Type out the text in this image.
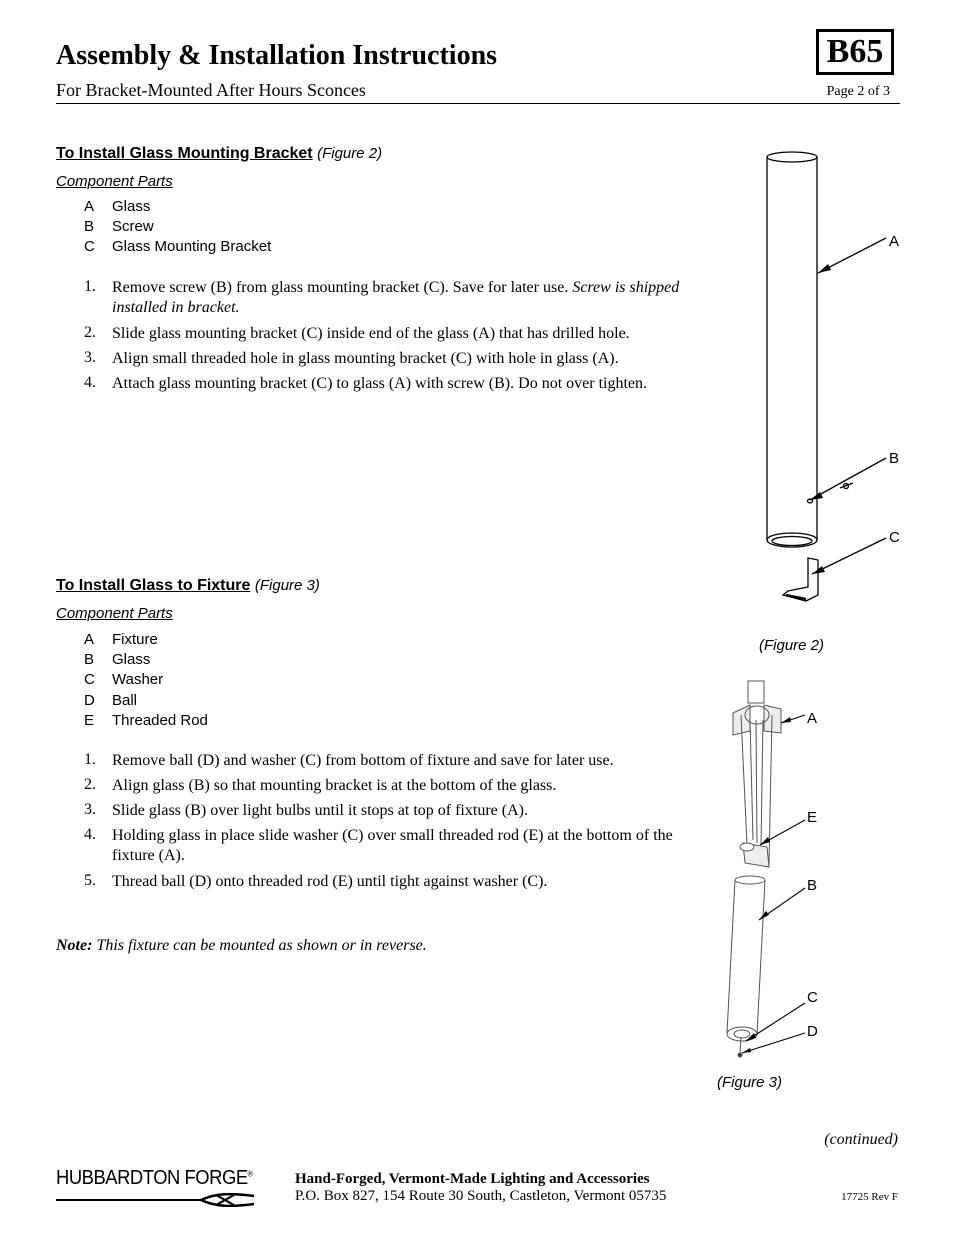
Assembly & Installation Instructions
For Bracket-Mounted After Hours Sconces
B65
Page 2 of 3
To Install Glass Mounting Bracket (Figure 2)
Component Parts
A Glass
B Screw
C Glass Mounting Bracket
1. Remove screw (B) from glass mounting bracket (C). Save for later use. Screw is shipped installed in bracket.
2. Slide glass mounting bracket (C) inside end of the glass (A) that has drilled hole.
3. Align small threaded hole in glass mounting bracket (C) with hole in glass (A).
4. Attach glass mounting bracket (C) to glass (A) with screw (B). Do not over tighten.
A
B
C
(Figure 2)
To Install Glass to Fixture (Figure 3)
Component Parts
A Fixture
B Glass
C Washer
D Ball
E Threaded Rod
1. Remove ball (D) and washer (C) from bottom of fixture and save for later use.
2. Align glass (B) so that mounting bracket is at the bottom of the glass.
3. Slide glass (B) over light bulbs until it stops at top of fixture (A).
4. Holding glass in place slide washer (C) over small threaded rod (E) at the bottom of the fixture (A).
5. Thread ball (D) onto threaded rod (E) until tight against washer (C).
Note: This fixture can be mounted as shown or in reverse.
A
E
B
C
D
(Figure 3)
(continued)
HUBBARDTON FORGE®	Hand-Forged, Vermont-Made Lighting and Accessories
P.O. Box 827, 154 Route 30 South, Castleton, Vermont 05735	17725 Rev F
